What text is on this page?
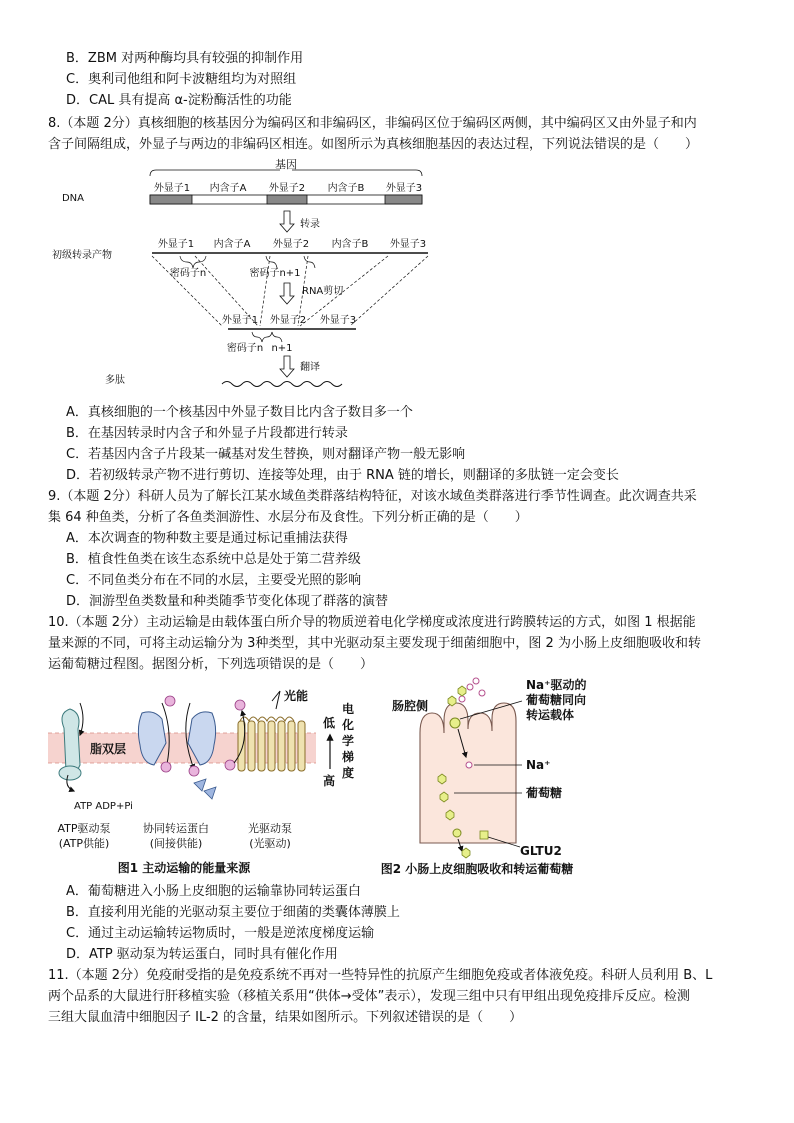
B．ZBM 对两种酶均具有较强的抑制作用
C．奥利司他组和阿卡波糖组均为对照组
D．CAL 具有提高 α-淀粉酶活性的功能
8.（本题 2分）真核细胞的核基因分为编码区和非编码区，非编码区位于编码区两侧，其中编码区又由外显子和内
含子间隔组成，外显子与两边的非编码区相连。如图所示为真核细胞基因的表达过程，下列说法错误的是（　　）
基因
DNA
外显子1 内含子A 外显子2 内含子B 外显子3
转录
初级转录产物
外显子1 内含子A 外显子2 内含子B 外显子3
密码子n	密码子n+1
RNA剪切
外显子1 外显子2 外显子3
密码子n n+1
翻译
多肽
A．真核细胞的一个核基因中外显子数目比内含子数目多一个
B．在基因转录时内含子和外显子片段都进行转录
C．若基因内含子片段某一碱基对发生替换，则对翻译产物一般无影响
D．若初级转录产物不进行剪切、连接等处理，由于 RNA 链的增长，则翻译的多肽链一定会变长
9.（本题 2分）科研人员为了解长江某水域鱼类群落结构特征，对该水域鱼类群落进行季节性调查。此次调查共采
集 64 种鱼类，分析了各鱼类洄游性、水层分布及食性。下列分析正确的是（　　）
A．本次调查的物种数主要是通过标记重捕法获得
B．植食性鱼类在该生态系统中总是处于第二营养级
C．不同鱼类分布在不同的水层，主要受光照的影响
D．洄游型鱼类数量和种类随季节变化体现了群落的演替
10.（本题 2分）主动运输是由载体蛋白所介导的物质逆着电化学梯度或浓度进行跨膜转运的方式，如图 1 根据能
量来源的不同，可将主动运输分为 3种类型，其中光驱动泵主要发现于细菌细胞中，图 2 为小肠上皮细胞吸收和转
运葡萄糖过程图。据图分析，下列选项错误的是（　　）
脂双层
ATP ADP+Pi
光能
低
高
电
化
学
梯
度
ATP驱动泵
(ATP供能)
协同转运蛋白
(间接供能)
光驱动泵
(光驱动)
图1 主动运输的能量来源
肠腔侧
Na⁺驱动的
葡萄糖同向
转运载体
Na⁺
葡萄糖
GLTU2
图2 小肠上皮细胞吸收和转运葡萄糖
A．葡萄糖进入小肠上皮细胞的运输靠协同转运蛋白
B．直接利用光能的光驱动泵主要位于细菌的类囊体薄膜上
C．通过主动运输转运物质时，一般是逆浓度梯度运输
D．ATP 驱动泵为转运蛋白，同时具有催化作用
11.（本题 2分）免疫耐受指的是免疫系统不再对一些特异性的抗原产生细胞免疫或者体液免疫。科研人员利用 B、L
两个品系的大鼠进行肝移植实验（移植关系用“供体→受体”表示），发现三组中只有甲组出现免疫排斥反应。检测
三组大鼠血清中细胞因子 IL-2 的含量，结果如图所示。下列叙述错误的是（　　）
